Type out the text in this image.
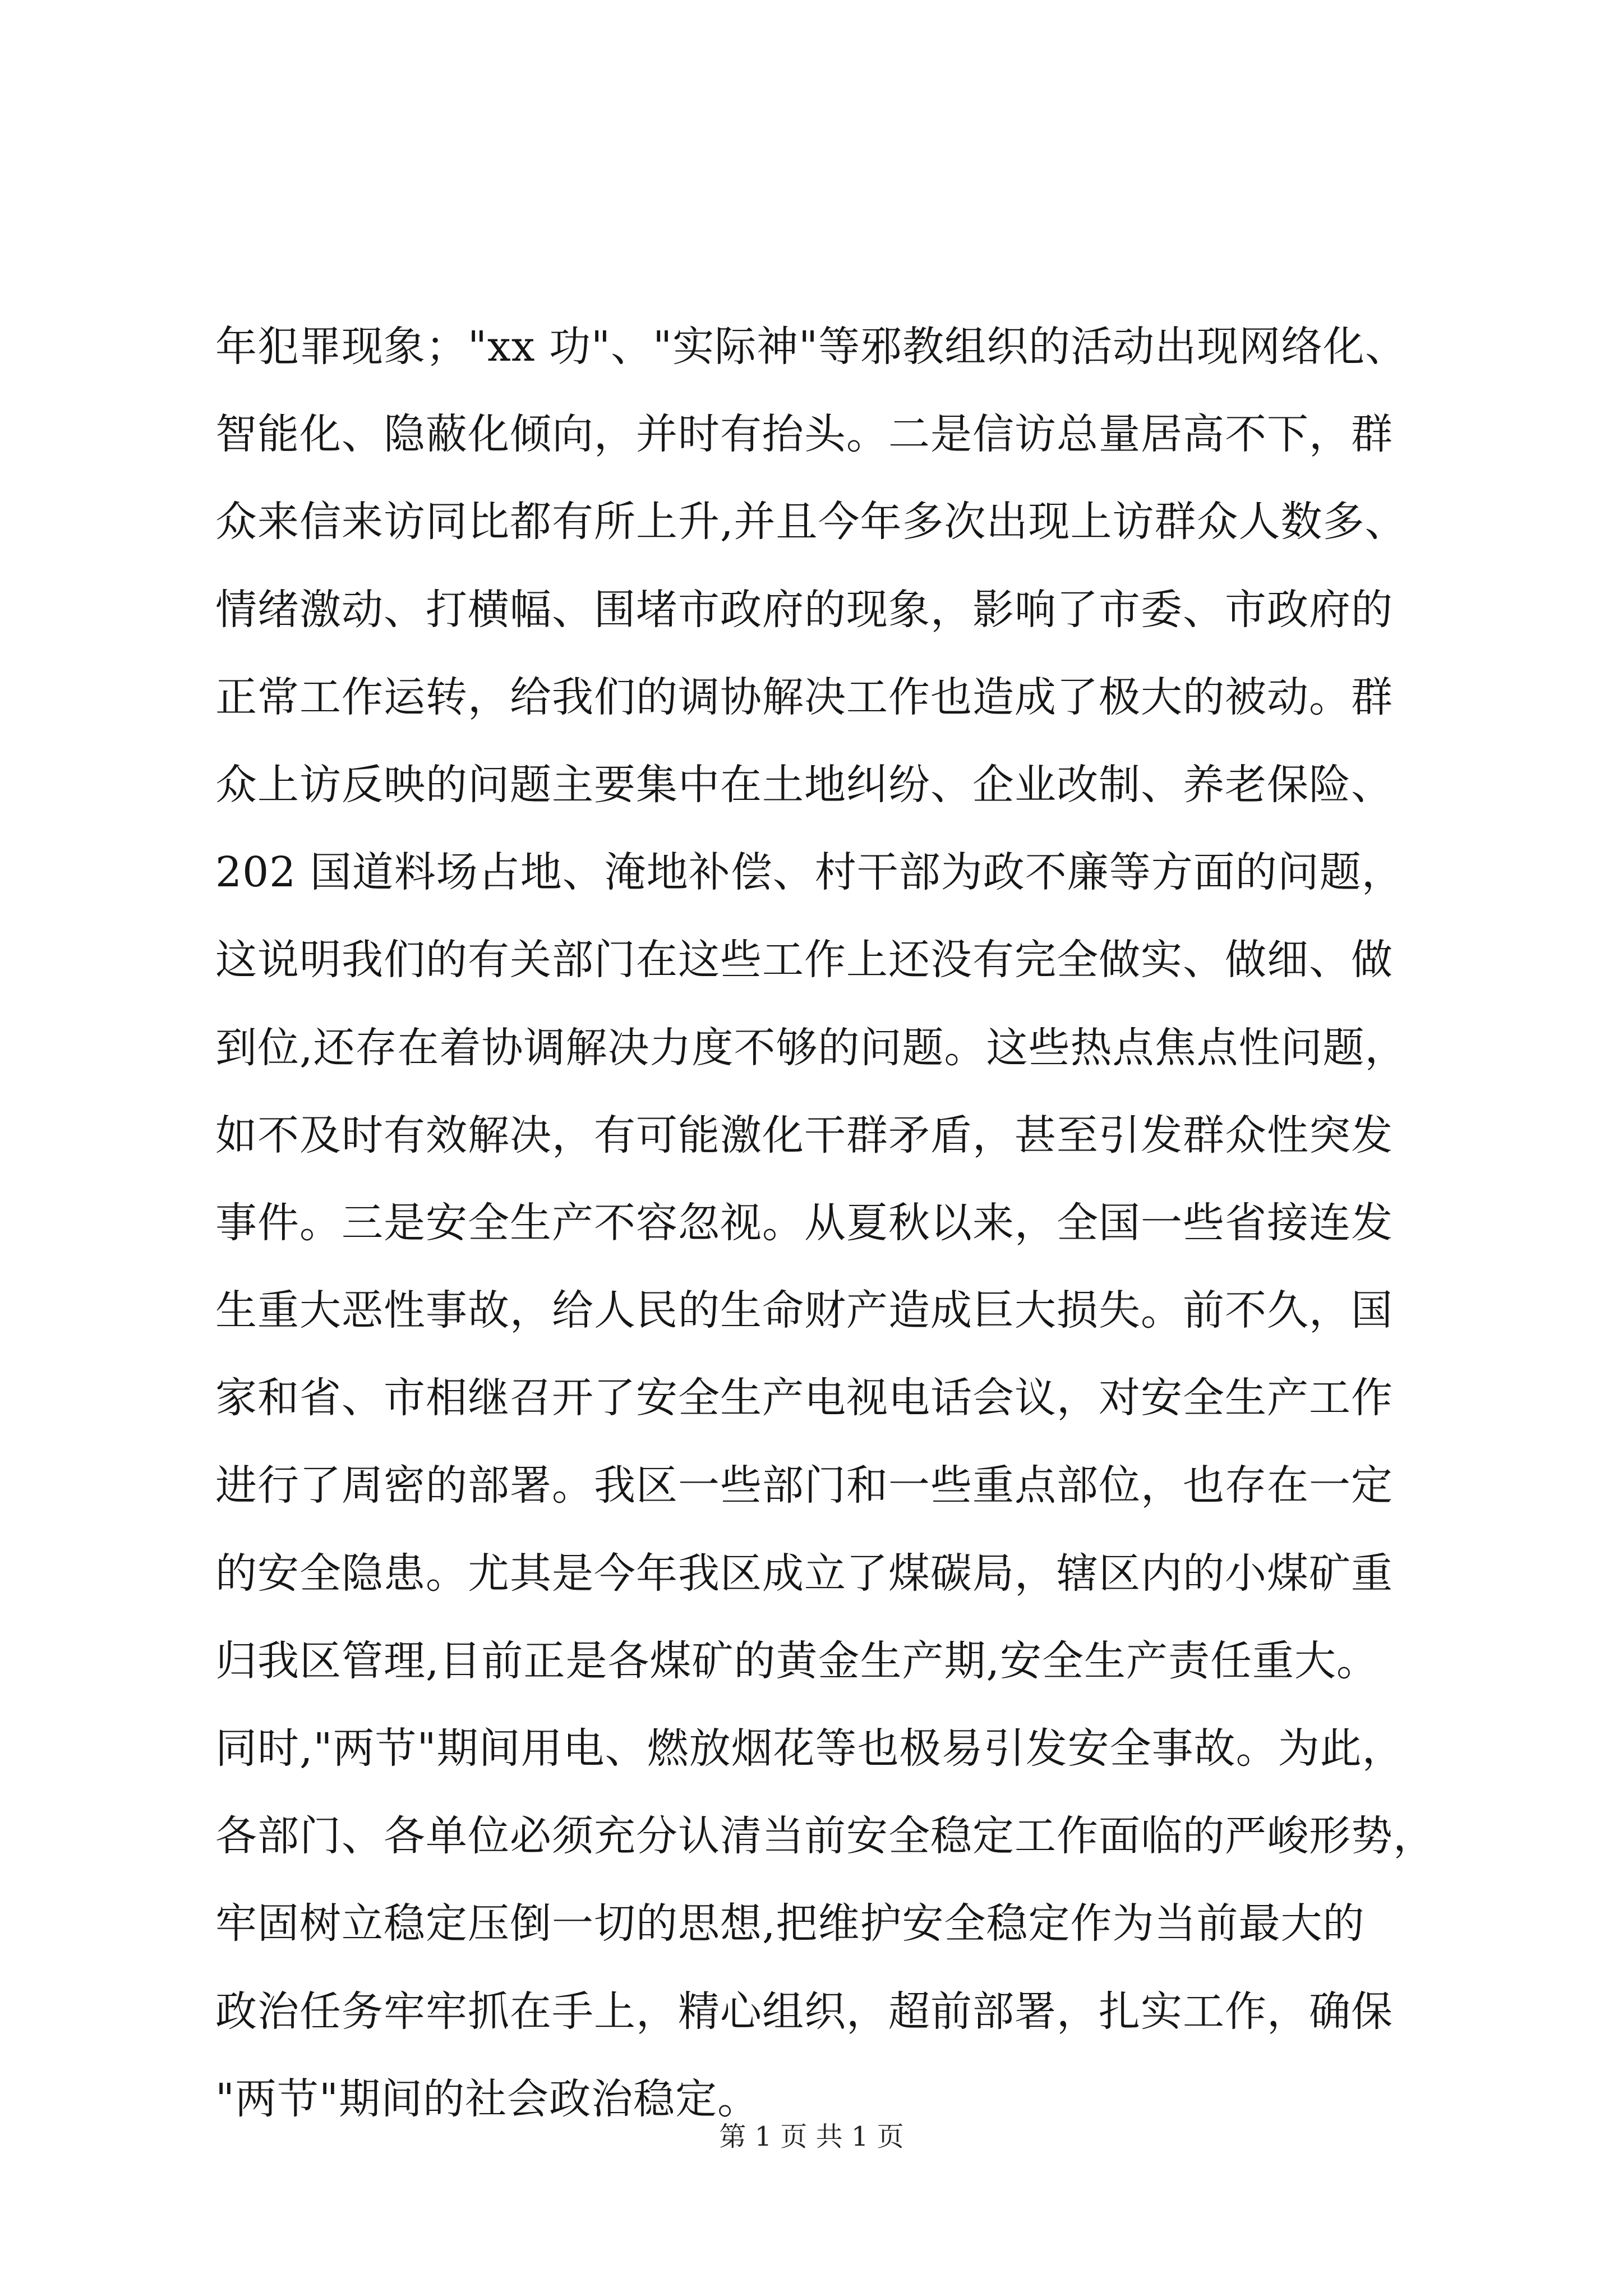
年犯罪现象；"xx 功"、"实际神"等邪教组织的活动出现网络化、
智能化、隐蔽化倾向，并时有抬头。二是信访总量居高不下，群
众来信来访同比都有所上升,并且今年多次出现上访群众人数多、
情绪激动、打横幅、围堵市政府的现象，影响了市委、市政府的
正常工作运转，给我们的调协解决工作也造成了极大的被动。群
众上访反映的问题主要集中在土地纠纷、企业改制、养老保险、
202 国道料场占地、淹地补偿、村干部为政不廉等方面的问题，
这说明我们的有关部门在这些工作上还没有完全做实、做细、做
到位,还存在着协调解决力度不够的问题。这些热点焦点性问题，
如不及时有效解决，有可能激化干群矛盾，甚至引发群众性突发
事件。三是安全生产不容忽视。从夏秋以来，全国一些省接连发
生重大恶性事故，给人民的生命财产造成巨大损失。前不久，国
家和省、市相继召开了安全生产电视电话会议，对安全生产工作
进行了周密的部署。我区一些部门和一些重点部位，也存在一定
的安全隐患。尤其是今年我区成立了煤碳局，辖区内的小煤矿重
归我区管理,目前正是各煤矿的黄金生产期,安全生产责任重大。
同时,"两节"期间用电、燃放烟花等也极易引发安全事故。为此，
各部门、各单位必须充分认清当前安全稳定工作面临的严峻形势，
牢固树立稳定压倒一切的思想,把维护安全稳定作为当前最大的
政治任务牢牢抓在手上，精心组织，超前部署，扎实工作，确保
"两节"期间的社会政治稳定。
第 1 页 共 1 页
